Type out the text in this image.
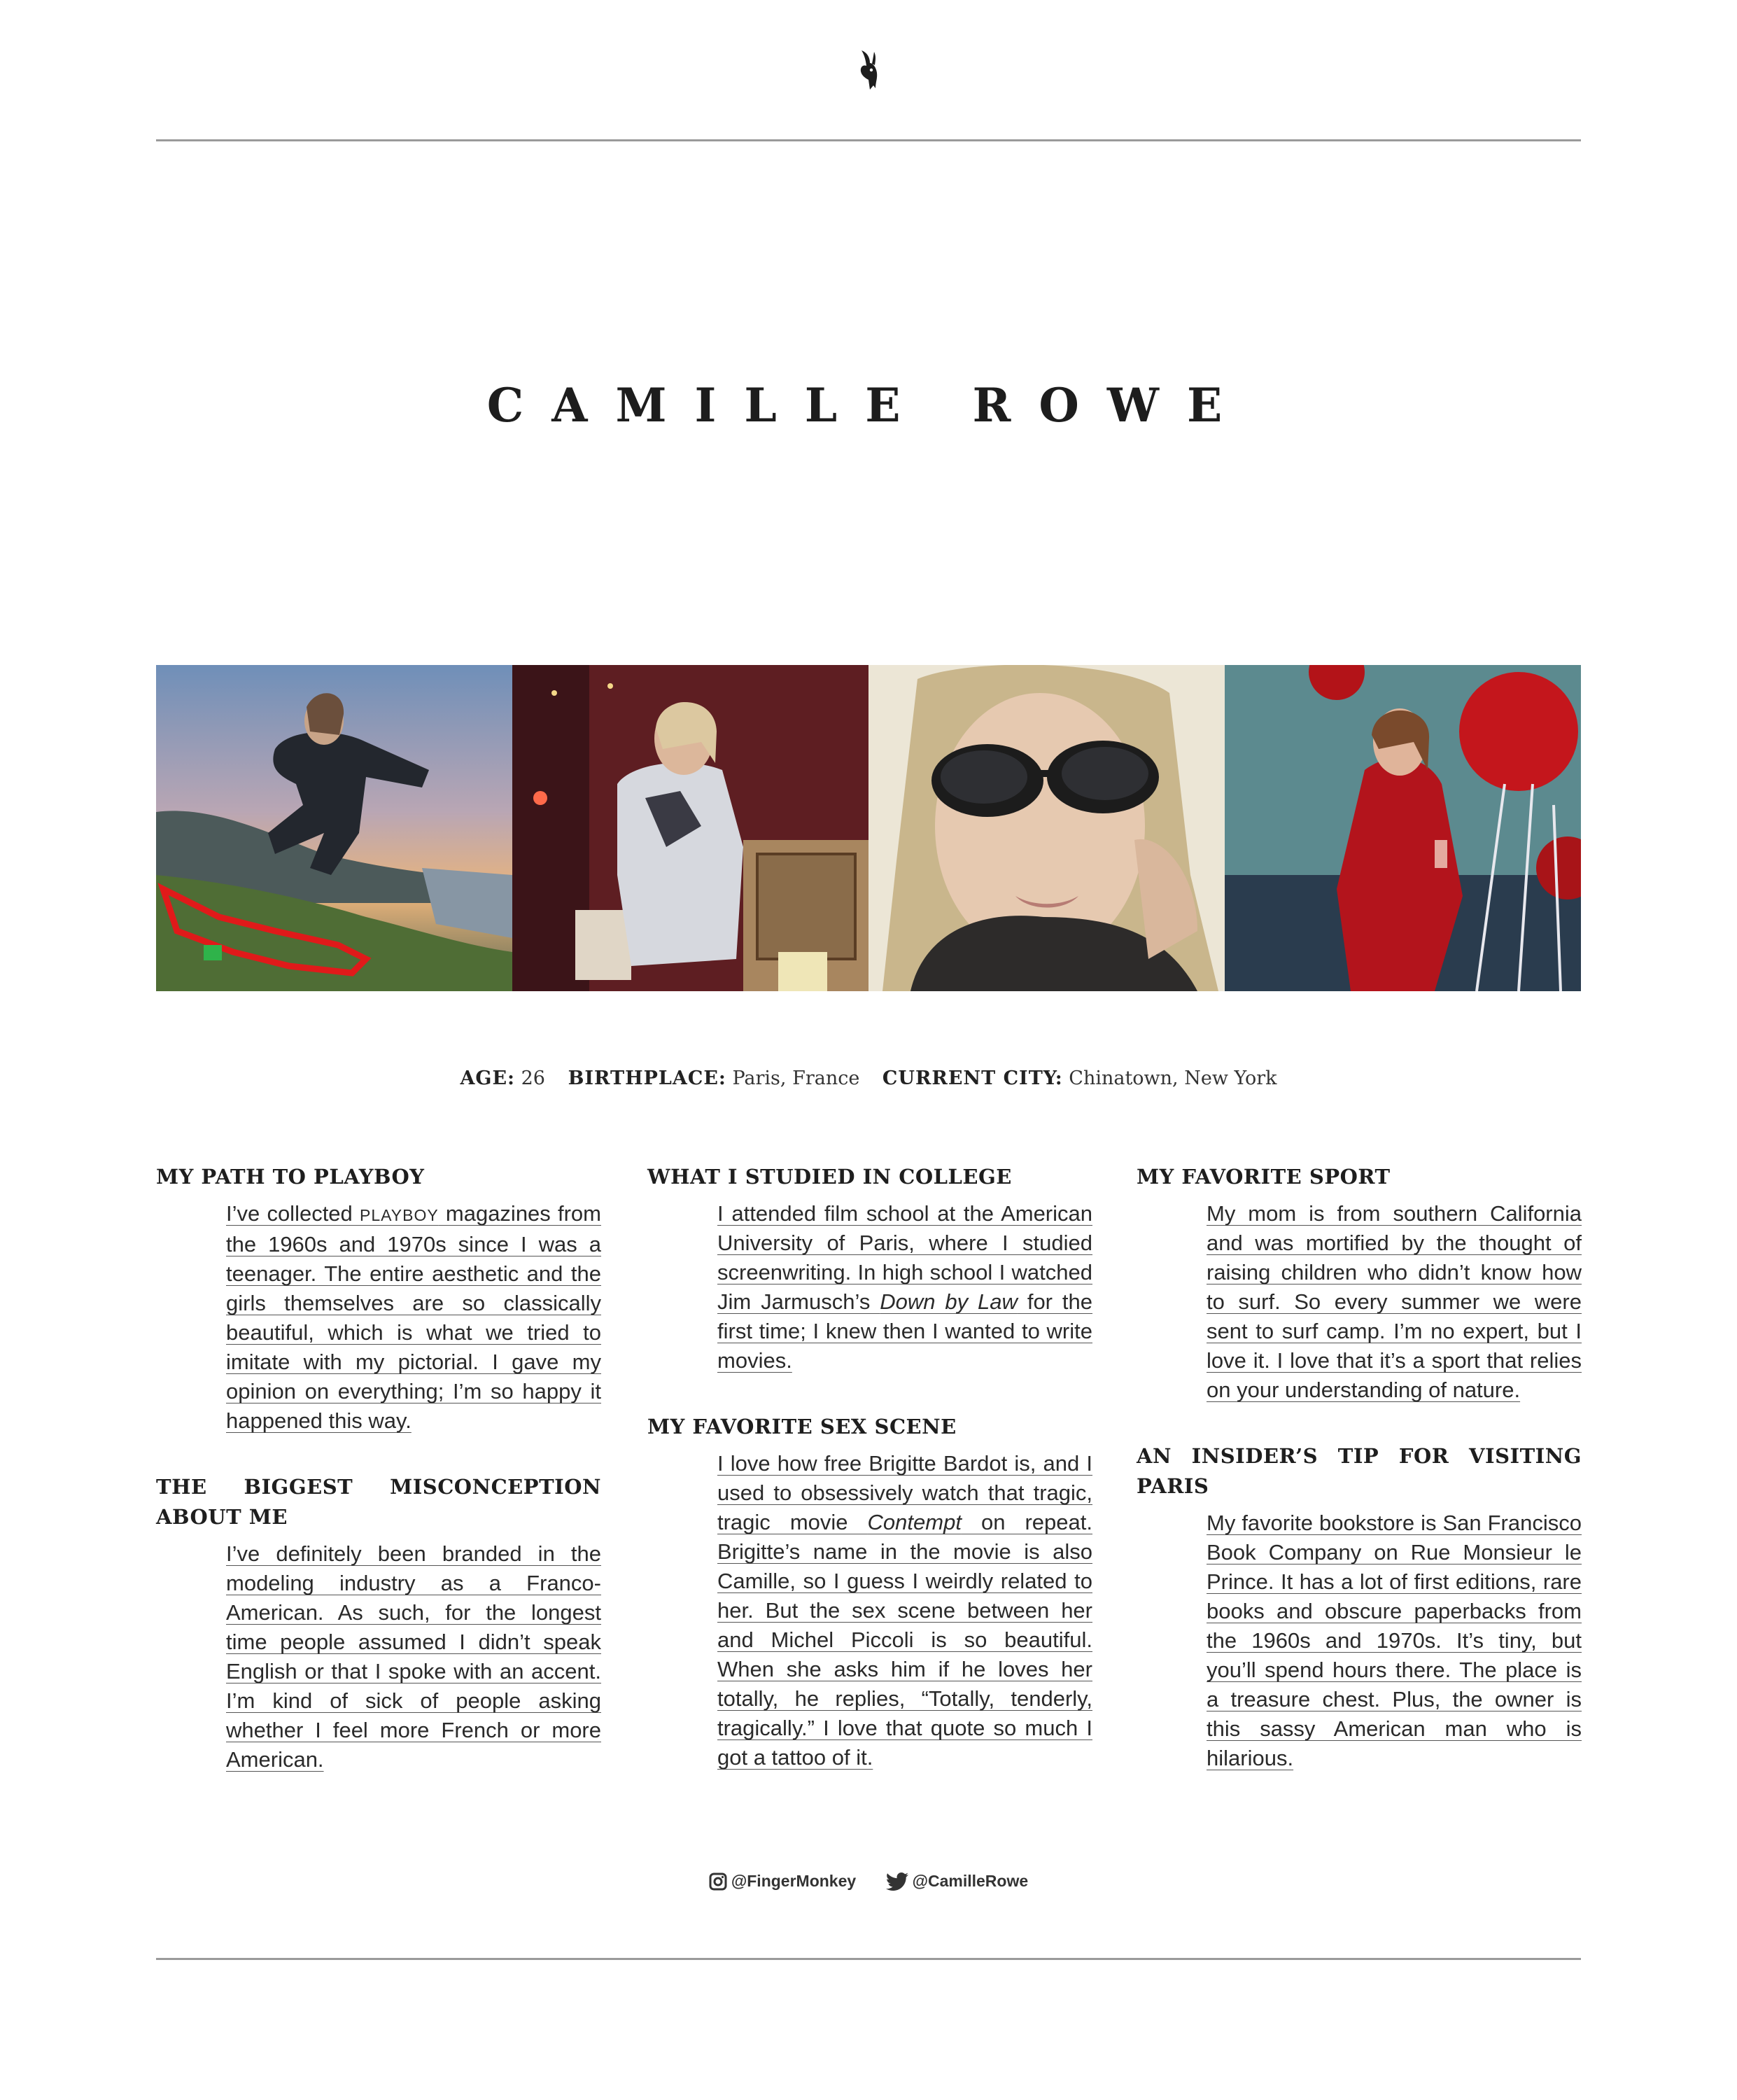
CAMILLE ROWE
AGE: 26 BIRTHPLACE: Paris, France CURRENT CITY: Chinatown, New York
MY PATH TO PLAYBOY

I’ve collected PLAYBOY magazines from the 1960s and 1970s since I was a teenager. The entire aesthetic and the girls themselves are so classically beautiful, which is what we tried to imitate with my pictorial. I gave my opinion on everything; I’m so happy it happened this way.

THE BIGGEST MISCONCEPTION ABOUT ME

I’ve definitely been branded in the modeling industry as a Franco-American. As such, for the longest time people assumed I didn’t speak English or that I spoke with an accent. I’m kind of sick of people asking whether I feel more French or more American.

WHAT I STUDIED IN COLLEGE

I attended film school at the American University of Paris, where I studied screenwriting. In high school I watched Jim Jarmusch’s Down by Law for the first time; I knew then I wanted to write movies.

MY FAVORITE SEX SCENE

I love how free Brigitte Bardot is, and I used to obsessively watch that tragic, tragic movie Contempt on repeat. Brigitte’s name in the movie is also Camille, so I guess I weirdly related to her. But the sex scene between her and Michel Piccoli is so beautiful. When she asks him if he loves her totally, he replies, “Totally, tenderly, tragically.” I love that quote so much I got a tattoo of it.

MY FAVORITE SPORT

My mom is from southern California and was mortified by the thought of raising children who didn’t know how to surf. So every summer we were sent to surf camp. I’m no expert, but I love it. I love that it’s a sport that relies on your understanding of nature.

AN INSIDER’S TIP FOR VISITING PARIS

My favorite bookstore is San Francisco Book Company on Rue Monsieur le Prince. It has a lot of first editions, rare books and obscure paperbacks from the 1960s and 1970s. It’s tiny, but you’ll spend hours there. The place is a treasure chest. Plus, the owner is this sassy American man who is hilarious.

@FingerMonkey
	@CamilleRowe
